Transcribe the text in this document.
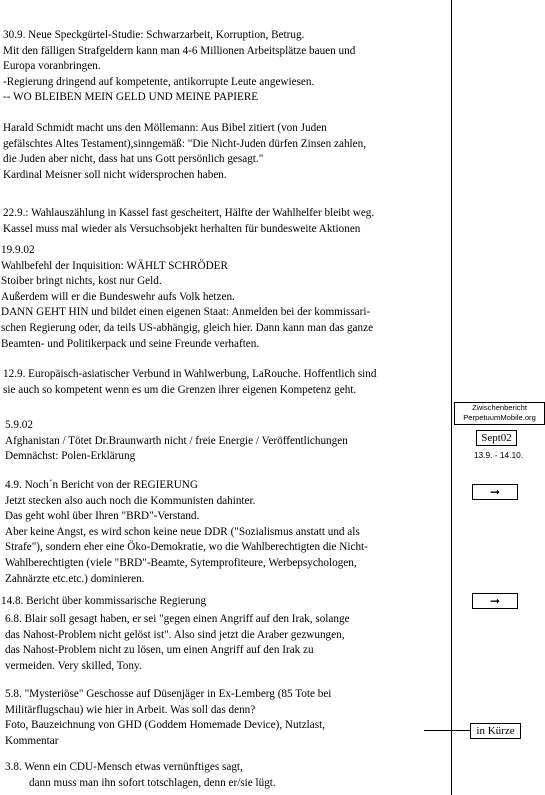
30.9. Neue Speckgürtel-Studie: Schwarzarbeit, Korruption, Betrug.
Mit den fälligen Strafgeldern kann man 4-6 Millionen Arbeitsplätze bauen und
Europa voranbringen.
-Regierung dringend auf kompetente, antikorrupte Leute angewiesen.
-- WO BLEIBEN MEIN GELD UND MEINE PAPIERE
Harald Schmidt macht uns den Möllemann: Aus Bibel zitiert (von Juden
gefälschtes Altes Testament),sinngemäß: "Die Nicht-Juden dürfen Zinsen zahlen,
die Juden aber nicht, dass hat uns Gott persönlich gesagt."
Kardinal Meisner soll nicht widersprochen haben.
22.9.: Wahlauszählung in Kassel fast gescheitert, Hälfte der Wahlhelfer bleibt weg.
Kassel muss mal wieder als Versuchsobjekt herhalten für bundesweite Aktionen
19.9.02
Wahlbefehl der Inquisition: WÄHLT SCHRÖDER
Stoiber bringt nichts, kost nur Geld.
Außerdem will er die Bundeswehr aufs Volk hetzen.
DANN GEHT HIN und bildet einen eigenen Staat: Anmelden bei der kommissari-
schen Regierung oder, da teils US-abhängig, gleich hier. Dann kann man das ganze
Beamten- und Politikerpack und seine Freunde verhaften.
12.9. Europäisch-asiatischer Verbund in Wahlwerbung, LaRouche. Hoffentlich sind
sie auch so kompetent wenn es um die Grenzen ihrer eigenen Kompetenz geht.
5.9.02
Afghanistan / Tötet Dr.Braunwarth nicht / freie Energie / Veröffentlichungen
Demnächst: Polen-Erklärung
4.9. Noch´n Bericht von der REGIERUNG
Jetzt stecken also auch noch die Kommunisten dahinter.
Das geht wohl über Ihren "BRD"-Verstand.
Aber keine Angst, es wird schon keine neue DDR ("Sozialismus anstatt und als
Strafe"), sondern eher eine Öko-Demokratie, wo die Wahlberechtigten die Nicht-
Wahlberechtigten (viele "BRD"-Beamte, Sytemprofiteure, Werbepsychologen,
Zahnärzte etc.etc.) dominieren.
14.8. Bericht über kommissarische Regierung
6.8. Blair soll gesagt haben, er sei "gegen einen Angriff auf den Irak, solange
das Nahost-Problem nicht gelöst ist". Also sind jetzt die Araber gezwungen,
das Nahost-Problem nicht zu lösen, um einen Angriff auf den Irak zu
vermeiden. Very skilled, Tony.
5.8. "Mysteriöse" Geschosse auf Düsenjäger in Ex-Lemberg (85 Tote bei
Militärflugschau) wie hier in Arbeit. Was soll das denn?
Foto, Bauzeichnung von GHD (Goddem Homemade Device), Nutzlast,
Kommentar
3.8. Wenn ein CDU-Mensch etwas vernünftiges sagt,
dann muss man ihn sofort totschlagen, denn er/sie lügt.
Zwischenbericht
PerpetuumMobile.org
Sept02
13.9. - 14.10.
➞
➞
in Kürze
